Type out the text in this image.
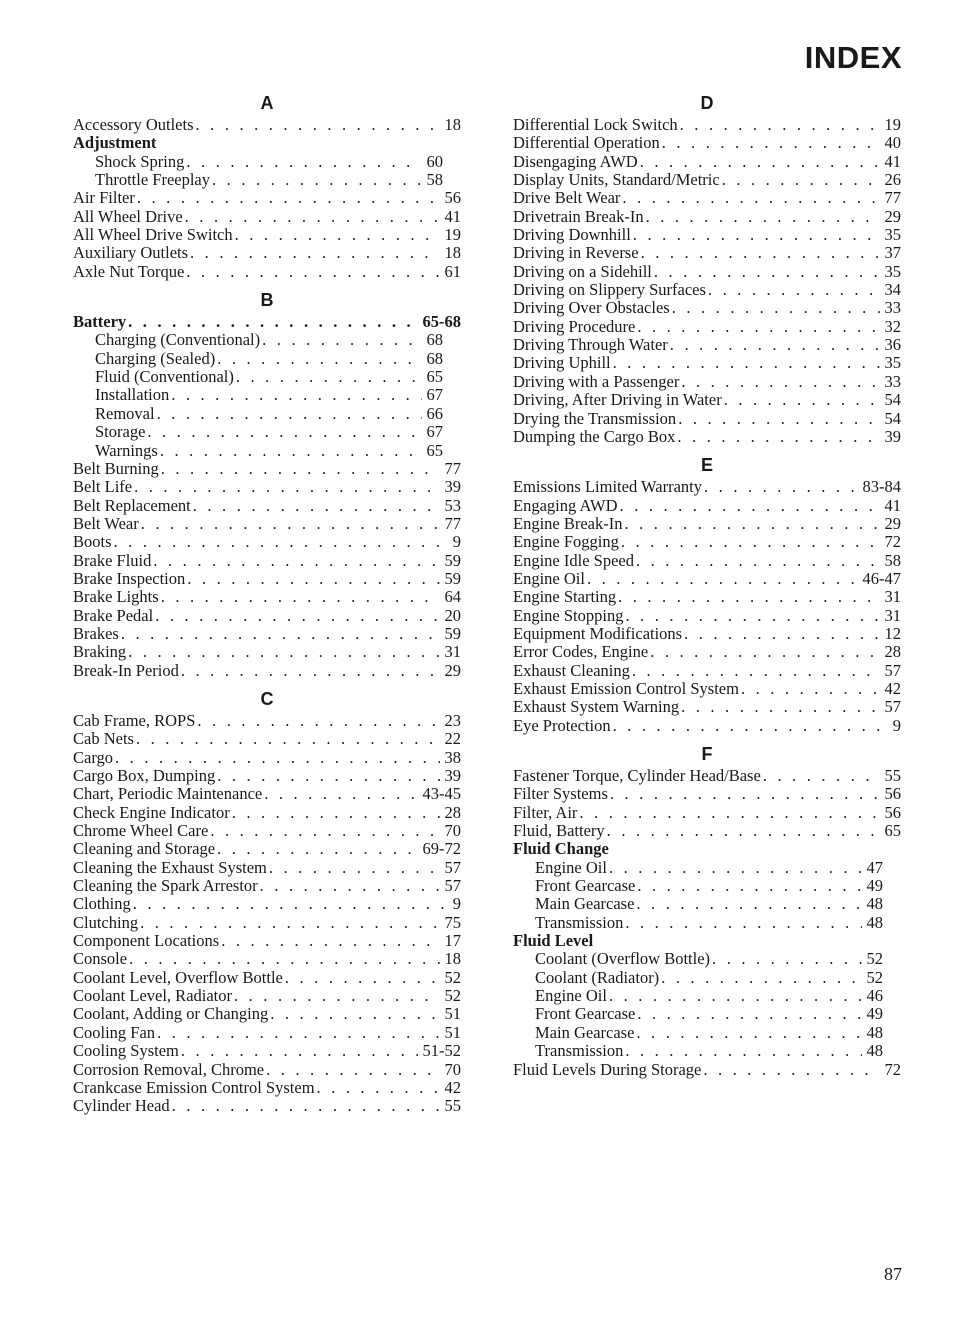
INDEX
A
Accessory Outlets . . .	18
Adjustment
Shock Spring . . .	60
Throttle Freeplay . . .	58
Air Filter . . .	56
All Wheel Drive . . .	41
All Wheel Drive Switch . . .	19
Auxiliary Outlets . . .	18
Axle Nut Torque . . .	61
B
Battery . . .	65-68
Charging (Conventional) . . .	68
Charging (Sealed) . . .	68
Fluid (Conventional) . . .	65
Installation . . .	67
Removal . . .	66
Storage . . .	67
Warnings . . .	65
Belt Burning . . .	77
Belt Life . . .	39
Belt Replacement . . .	53
Belt Wear . . .	77
Boots . . .	9
Brake Fluid . . .	59
Brake Inspection . . .	59
Brake Lights . . .	64
Brake Pedal . . .	20
Brakes . . .	59
Braking . . .	31
Break-In Period . . .	29
C
Cab Frame, ROPS . . .	23
Cab Nets . . .	22
Cargo . . .	38
Cargo Box, Dumping . . .	39
Chart, Periodic Maintenance . . .	43-45
Check Engine Indicator . . .	28
Chrome Wheel Care . . .	70
Cleaning and Storage . . .	69-72
Cleaning the Exhaust System . . .	57
Cleaning the Spark Arrestor . . .	57
Clothing . . .	9
Clutching . . .	75
Component Locations . . .	17
Console . . .	18
Coolant Level, Overflow Bottle . . .	52
Coolant Level, Radiator . . .	52
Coolant, Adding or Changing . . .	51
Cooling Fan . . .	51
Cooling System . . .	51-52
Corrosion Removal, Chrome . . .	70
Crankcase Emission Control System . . .	42
Cylinder Head . . .	55
D
Differential Lock Switch . . .	19
Differential Operation . . .	40
Disengaging AWD . . .	41
Display Units, Standard/Metric . . .	26
Drive Belt Wear . . .	77
Drivetrain Break-In . . .	29
Driving Downhill . . .	35
Driving in Reverse . . .	37
Driving on a Sidehill . . .	35
Driving on Slippery Surfaces . . .	34
Driving Over Obstacles . . .	33
Driving Procedure . . .	32
Driving Through Water . . .	36
Driving Uphill . . .	35
Driving with a Passenger . . .	33
Driving, After Driving in Water . . .	54
Drying the Transmission . . .	54
Dumping the Cargo Box . . .	39
E
Emissions Limited Warranty . . .	83-84
Engaging AWD . . .	41
Engine Break-In . . .	29
Engine Fogging . . .	72
Engine Idle Speed . . .	58
Engine Oil . . .	46-47
Engine Starting . . .	31
Engine Stopping . . .	31
Equipment Modifications . . .	12
Error Codes, Engine . . .	28
Exhaust Cleaning . . .	57
Exhaust Emission Control System . . .	42
Exhaust System Warning . . .	57
Eye Protection . . .	9
F
Fastener Torque, Cylinder Head/Base . . .	55
Filter Systems . . .	56
Filter, Air . . .	56
Fluid, Battery . . .	65
Fluid Change
Engine Oil . . .	47
Front Gearcase . . .	49
Main Gearcase . . .	48
Transmission . . .	48
Fluid Level
Coolant (Overflow Bottle) . . .	52
Coolant (Radiator) . . .	52
Engine Oil . . .	46
Front Gearcase . . .	49
Main Gearcase . . .	48
Transmission . . .	48
Fluid Levels During Storage . . .	72
87
